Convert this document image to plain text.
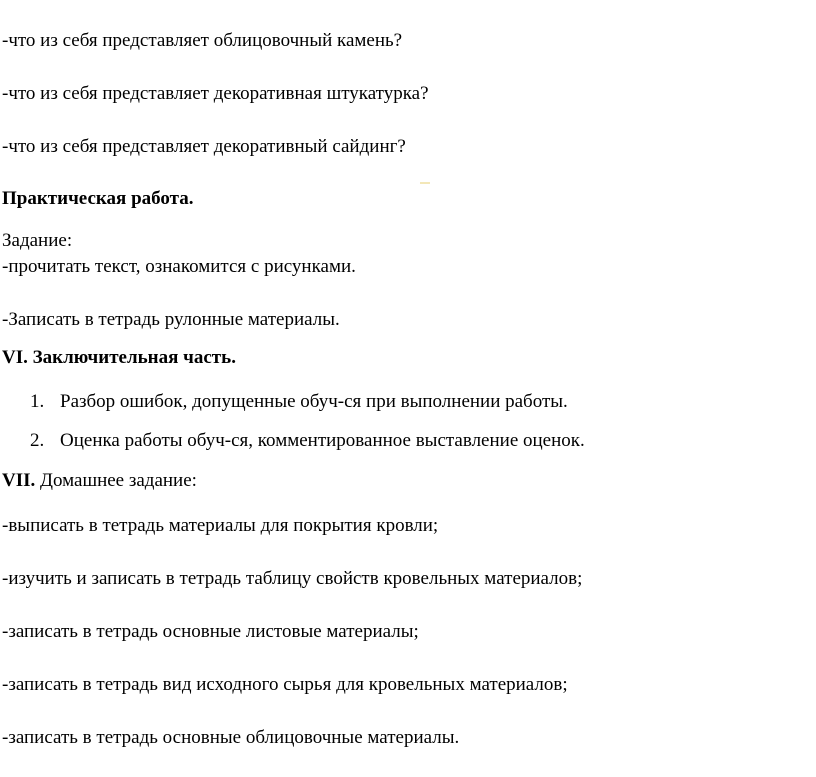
-что из себя представляет облицовочный камень?
-что из себя представляет декоративная штукатурка?
-что из себя представляет декоративный сайдинг?
Практическая работа.
Задание:
-прочитать текст, ознакомится с рисунками.
-Записать в тетрадь рулонные материалы.
VI. Заключительная часть.
1. Разбор ошибок, допущенные обуч-ся при выполнении работы.
2. Оценка работы обуч-ся, комментированное выставление оценок.
VII. Домашнее задание:
-выписать в тетрадь материалы для покрытия кровли;
-изучить и записать в тетрадь таблицу свойств кровельных материалов;
-записать в тетрадь основные листовые материалы;
-записать в тетрадь вид исходного сырья для кровельных материалов;
-записать в тетрадь основные облицовочные материалы.
